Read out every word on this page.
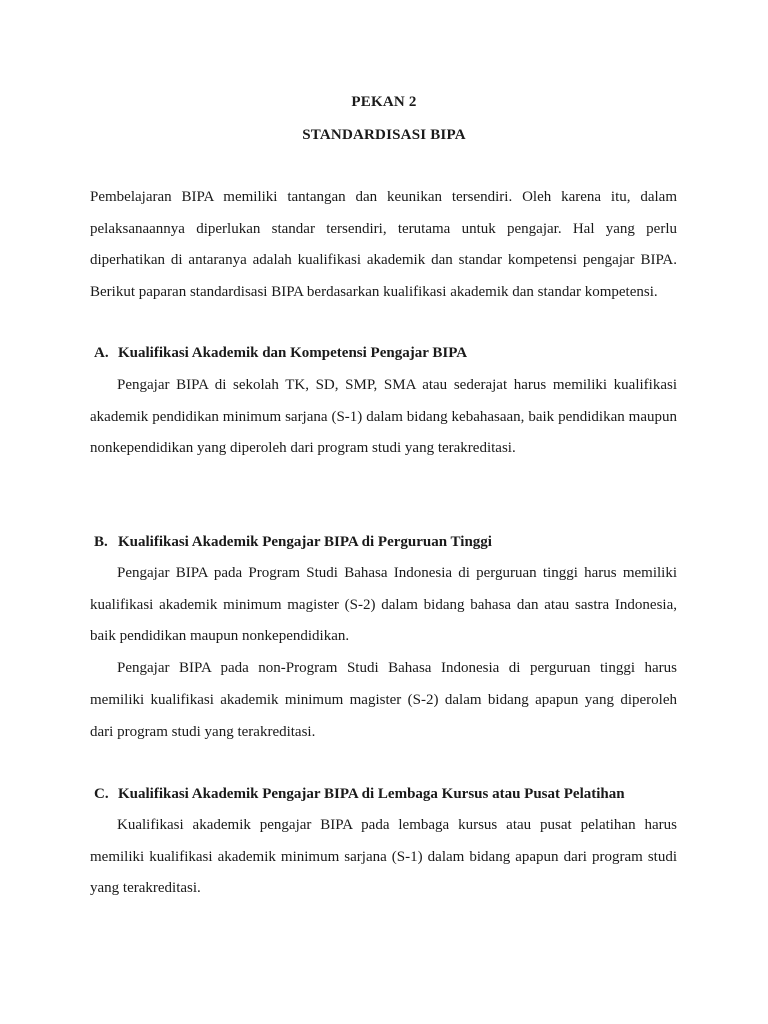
PEKAN 2
STANDARDISASI BIPA
Pembelajaran BIPA memiliki tantangan dan keunikan tersendiri. Oleh karena itu, dalam pelaksanaannya diperlukan standar tersendiri, terutama untuk pengajar. Hal yang perlu diperhatikan di antaranya adalah kualifikasi akademik dan standar kompetensi pengajar BIPA. Berikut paparan standardisasi BIPA berdasarkan kualifikasi akademik dan standar kompetensi.
A. Kualifikasi Akademik dan Kompetensi Pengajar BIPA

Pengajar BIPA di sekolah TK, SD, SMP, SMA atau sederajat harus memiliki kualifikasi akademik pendidikan minimum sarjana (S-1) dalam bidang kebahasaan, baik pendidikan maupun nonkependidikan yang diperoleh dari program studi yang terakreditasi.

B. Kualifikasi Akademik Pengajar BIPA di Perguruan Tinggi

Pengajar BIPA pada Program Studi Bahasa Indonesia di perguruan tinggi harus memiliki kualifikasi akademik minimum magister (S-2) dalam bidang bahasa dan atau sastra Indonesia, baik pendidikan maupun nonkependidikan.

Pengajar BIPA pada non-Program Studi Bahasa Indonesia di perguruan tinggi harus memiliki kualifikasi akademik minimum magister (S-2) dalam bidang apapun yang diperoleh dari program studi yang terakreditasi.

C. Kualifikasi Akademik Pengajar BIPA di Lembaga Kursus atau Pusat Pelatihan

Kualifikasi akademik pengajar BIPA pada lembaga kursus atau pusat pelatihan harus memiliki kualifikasi akademik minimum sarjana (S-1) dalam bidang apapun dari program studi yang terakreditasi.
